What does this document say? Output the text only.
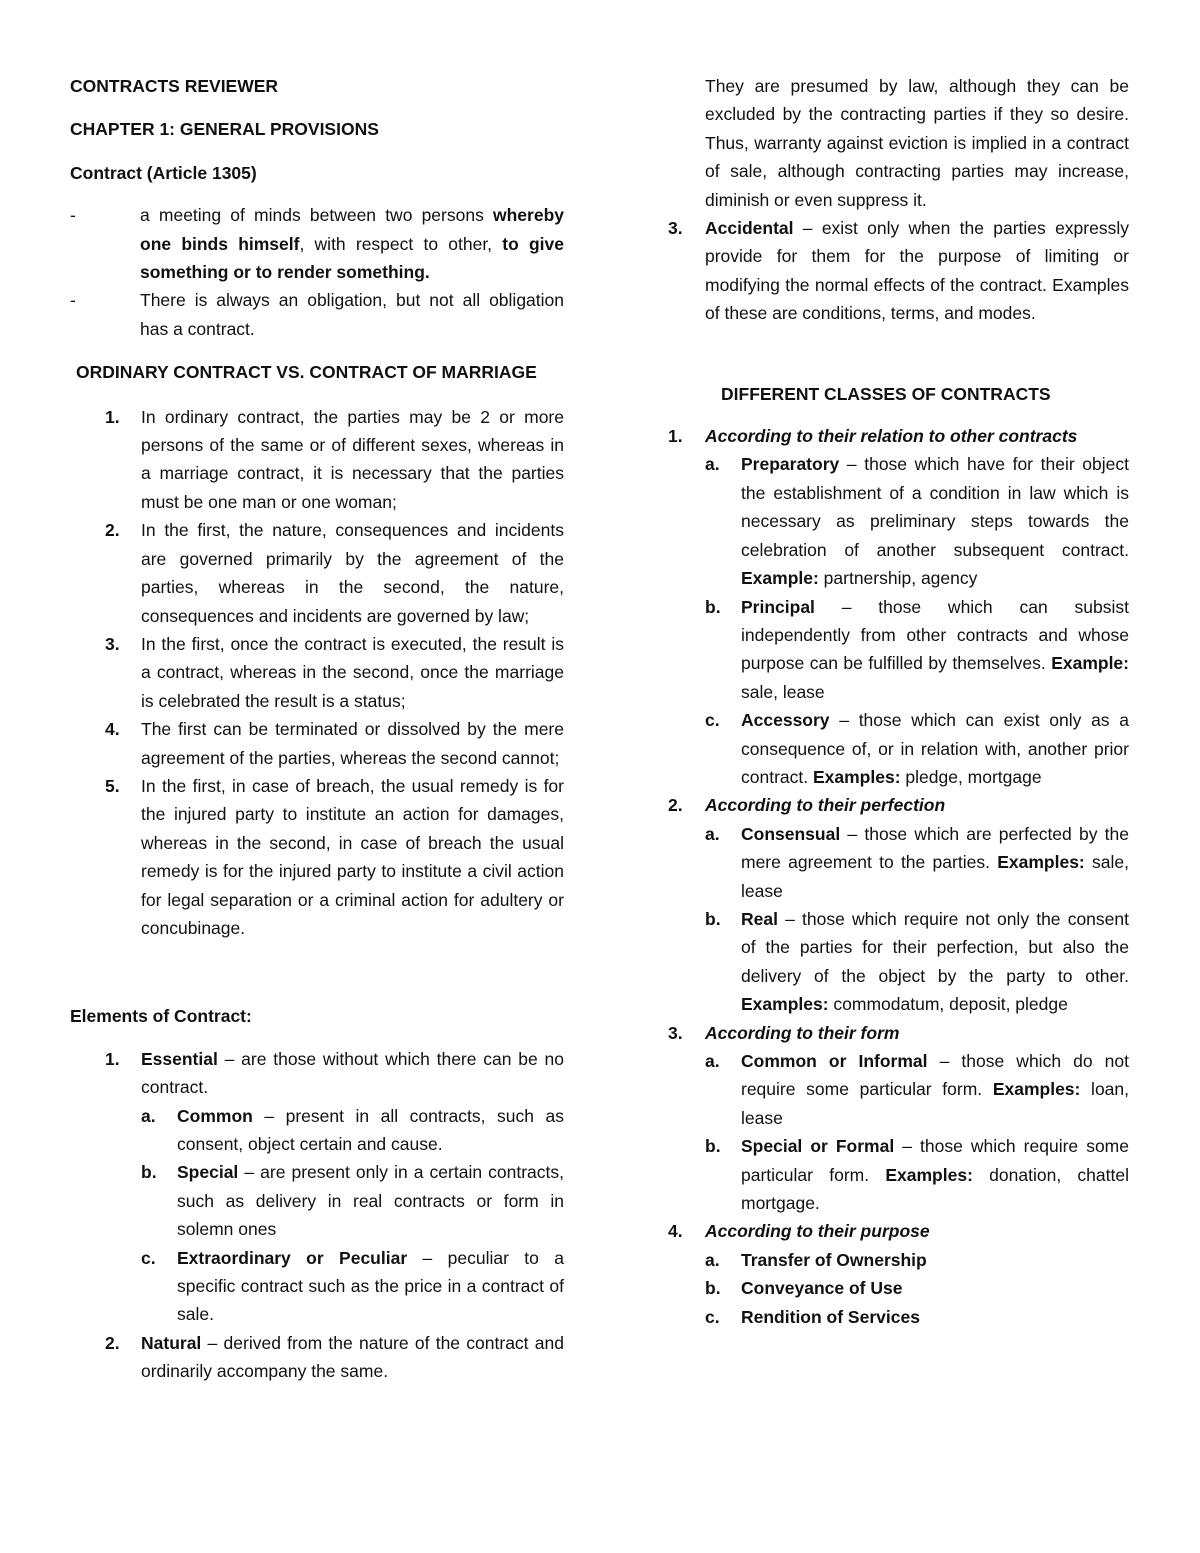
CONTRACTS REVIEWER

CHAPTER 1: GENERAL PROVISIONS

Contract (Article 1305)

- a meeting of minds between two persons whereby one binds himself, with respect to other, to give something or to render something.
- There is always an obligation, but not all obligation has a contract.

ORDINARY CONTRACT VS. CONTRACT OF MARRIAGE

1. In ordinary contract, the parties may be 2 or more persons of the same or of different sexes, whereas in a marriage contract, it is necessary that the parties must be one man or one woman;
2. In the first, the nature, consequences and incidents are governed primarily by the agreement of the parties, whereas in the second, the nature, consequences and incidents are governed by law;
3. In the first, once the contract is executed, the result is a contract, whereas in the second, once the marriage is celebrated the result is a status;
4. The first can be terminated or dissolved by the mere agreement of the parties, whereas the second cannot;
5. In the first, in case of breach, the usual remedy is for the injured party to institute an action for damages, whereas in the second, in case of breach the usual remedy is for the injured party to institute a civil action for legal separation or a criminal action for adultery or concubinage.

Elements of Contract:

1. Essential – are those without which there can be no contract.
a. Common – present in all contracts, such as consent, object certain and cause.
b. Special – are present only in a certain contracts, such as delivery in real contracts or form in solemn ones
c. Extraordinary or Peculiar – peculiar to a specific contract such as the price in a contract of sale.
2. Natural – derived from the nature of the contract and ordinarily accompany the same.

They are presumed by law, although they can be excluded by the contracting parties if they so desire. Thus, warranty against eviction is implied in a contract of sale, although contracting parties may increase, diminish or even suppress it.

3. Accidental – exist only when the parties expressly provide for them for the purpose of limiting or modifying the normal effects of the contract. Examples of these are conditions, terms, and modes.

DIFFERENT CLASSES OF CONTRACTS

1. According to their relation to other contracts
a. Preparatory – those which have for their object the establishment of a condition in law which is necessary as preliminary steps towards the celebration of another subsequent contract. Example: partnership, agency
b. Principal – those which can subsist independently from other contracts and whose purpose can be fulfilled by themselves. Example: sale, lease
c. Accessory – those which can exist only as a consequence of, or in relation with, another prior contract. Examples: pledge, mortgage
2. According to their perfection
a. Consensual – those which are perfected by the mere agreement to the parties. Examples: sale, lease
b. Real – those which require not only the consent of the parties for their perfection, but also the delivery of the object by the party to other. Examples: commodatum, deposit, pledge
3. According to their form
a. Common or Informal – those which do not require some particular form. Examples: loan, lease
b. Special or Formal – those which require some particular form. Examples: donation, chattel mortgage.
4. According to their purpose
a. Transfer of Ownership
b. Conveyance of Use
c. Rendition of Services
